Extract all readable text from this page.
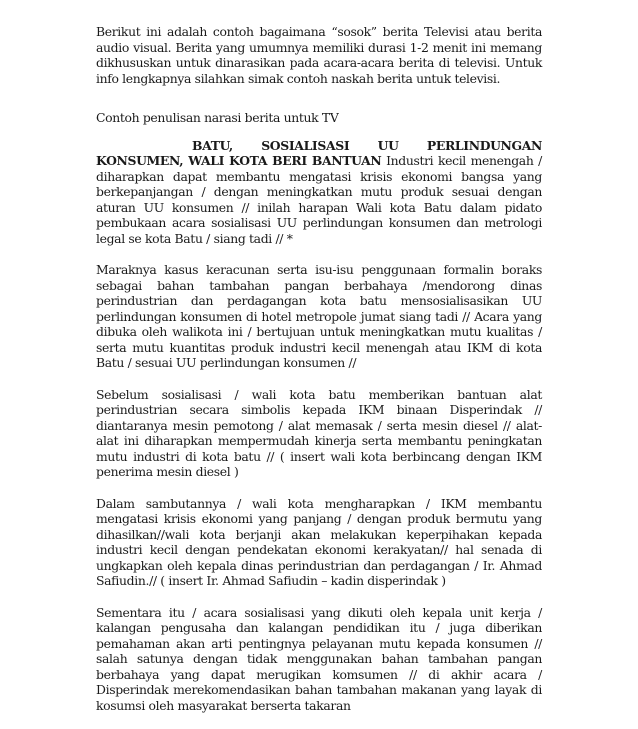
Berikut ini adalah contoh bagaimana “sosok” berita Televisi atau berita audio visual. Berita yang umumnya memiliki durasi 1-2 menit ini memang dikhususkan untuk dinarasikan pada acara-acara berita di televisi. Untuk info lengkapnya silahkan simak contoh naskah berita untuk televisi.

Contoh penulisan narasi berita untuk TV

BATU, SOSIALISASI UU PERLINDUNGAN KONSUMEN, WALI KOTA BERI BANTUAN Industri kecil menengah / diharapkan dapat membantu mengatasi krisis ekonomi bangsa yang berkepanjangan / dengan meningkatkan mutu produk sesuai dengan aturan UU konsumen // inilah harapan Wali kota Batu dalam pidato pembukaan acara sosialisasi UU perlindungan konsumen dan metrologi legal se kota Batu / siang tadi // *

Maraknya kasus keracunan serta isu-isu penggunaan formalin boraks sebagai bahan tambahan pangan berbahaya /mendorong dinas perindustrian dan perdagangan kota batu mensosialisasikan UU perlindungan konsumen di hotel metropole jumat siang tadi // Acara yang dibuka oleh walikota ini / bertujuan untuk meningkatkan mutu kualitas / serta mutu kuantitas produk industri kecil menengah atau IKM di kota Batu / sesuai UU perlindungan konsumen //

Sebelum sosialisasi / wali kota batu memberikan bantuan alat perindustrian secara simbolis kepada IKM binaan Disperindak // diantaranya mesin pemotong / alat memasak / serta mesin diesel // alat- alat ini diharapkan mempermudah kinerja serta membantu peningkatan mutu industri di kota batu // ( insert wali kota berbincang dengan IKM penerima mesin diesel )

Dalam sambutannya / wali kota mengharapkan / IKM membantu mengatasi krisis ekonomi yang panjang / dengan produk bermutu yang dihasilkan//wali kota berjanji akan melakukan keperpihakan kepada industri kecil dengan pendekatan ekonomi kerakyatan// hal senada di ungkapkan oleh kepala dinas perindustrian dan perdagangan / Ir. Ahmad Safiudin.// ( insert Ir. Ahmad Safiudin – kadin disperindak )

Sementara itu / acara sosialisasi yang dikuti oleh kepala unit kerja / kalangan pengusaha dan kalangan pendidikan itu / juga diberikan pemahaman akan arti pentingnya pelayanan mutu kepada konsumen // salah satunya dengan tidak menggunakan bahan tambahan pangan berbahaya yang dapat merugikan komsumen // di akhir acara / Disperindak merekomendasikan bahan tambahan makanan yang layak di kosumsi oleh masyarakat berserta takaran
